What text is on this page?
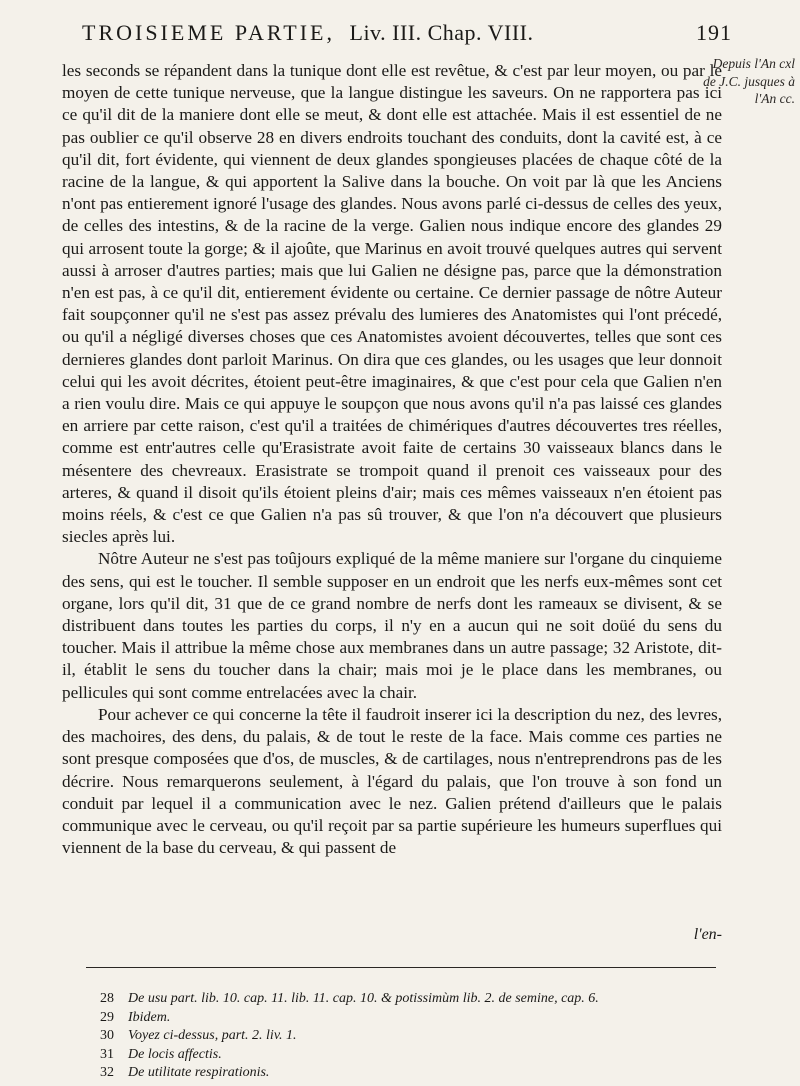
TROISIEME PARTIE, Liv. III. Chap. VIII.	191
Depuis l'An cxl de J.C. jusques à l'An cc.

les seconds se répandent dans la tunique dont elle est revêtue, & c'est par leur moyen, ou par le moyen de cette tunique nerveuse, que la langue distingue les saveurs. On ne rapportera pas ici ce qu'il dit de la maniere dont elle se meut, & dont elle est attachée. Mais il est essentiel de ne pas oublier ce qu'il observe 28 en divers endroits touchant des conduits, dont la cavité est, à ce qu'il dit, fort évidente, qui viennent de deux glandes spongieuses placées de chaque côté de la racine de la langue, & qui apportent la Salive dans la bouche. On voit par là que les Anciens n'ont pas entierement ignoré l'usage des glandes. Nous avons parlé ci-dessus de celles des yeux, de celles des intestins, & de la racine de la verge. Galien nous indique encore des glandes 29 qui arrosent toute la gorge; & il ajoûte, que Marinus en avoit trouvé quelques autres qui servent aussi à arroser d'autres parties; mais que lui Galien ne désigne pas, parce que la démonstration n'en est pas, à ce qu'il dit, entierement évidente ou certaine. Ce dernier passage de nôtre Auteur fait soupçonner qu'il ne s'est pas assez prévalu des lumieres des Anatomistes qui l'ont précedé, ou qu'il a négligé diverses choses que ces Anatomistes avoient découvertes, telles que sont ces dernieres glandes dont parloit Marinus. On dira que ces glandes, ou les usages que leur donnoit celui qui les avoit décrites, étoient peut-être imaginaires, & que c'est pour cela que Galien n'en a rien voulu dire. Mais ce qui appuye le soupçon que nous avons qu'il n'a pas laissé ces glandes en arriere par cette raison, c'est qu'il a traitées de chimériques d'autres découvertes tres réelles, comme est entr'autres celle qu'Erasistrate avoit faite de certains 30 vaisseaux blancs dans le mésentere des chevreaux. Erasistrate se trompoit quand il prenoit ces vaisseaux pour des arteres, & quand il disoit qu'ils étoient pleins d'air; mais ces mêmes vaisseaux n'en étoient pas moins réels, & c'est ce que Galien n'a pas sû trouver, & que l'on n'a découvert que plusieurs siecles après lui.

Nôtre Auteur ne s'est pas toûjours expliqué de la même maniere sur l'organe du cinquieme des sens, qui est le toucher. Il semble supposer en un endroit que les nerfs eux-mêmes sont cet organe, lors qu'il dit, 31 que de ce grand nombre de nerfs dont les rameaux se divisent, & se distribuent dans toutes les parties du corps, il n'y en a aucun qui ne soit doüé du sens du toucher. Mais il attribue la même chose aux membranes dans un autre passage; 32 Aristote, dit-il, établit le sens du toucher dans la chair; mais moi je le place dans les membranes, ou pellicules qui sont comme entrelacées avec la chair.

Pour achever ce qui concerne la tête il faudroit inserer ici la description du nez, des levres, des machoires, des dens, du palais, & de tout le reste de la face. Mais comme ces parties ne sont presque composées que d'os, de muscles, & de cartilages, nous n'entreprendrons pas de les décrire. Nous remarquerons seulement, à l'égard du palais, que l'on trouve à son fond un conduit par lequel il a communication avec le nez. Galien prétend d'ailleurs que le palais communique avec le cerveau, ou qu'il reçoit par sa partie supérieure les humeurs superflues qui viennent de la base du cerveau, & qui passent de

l'en-
28 De usu part. lib. 10. cap. 11. lib. 11. cap. 10. & potissimùm lib. 2. de semine, cap. 6.
29 Ibidem.
30 Voyez ci-dessus, part. 2. liv. 1.
31 De locis affectis.
32 De utilitate respirationis.
